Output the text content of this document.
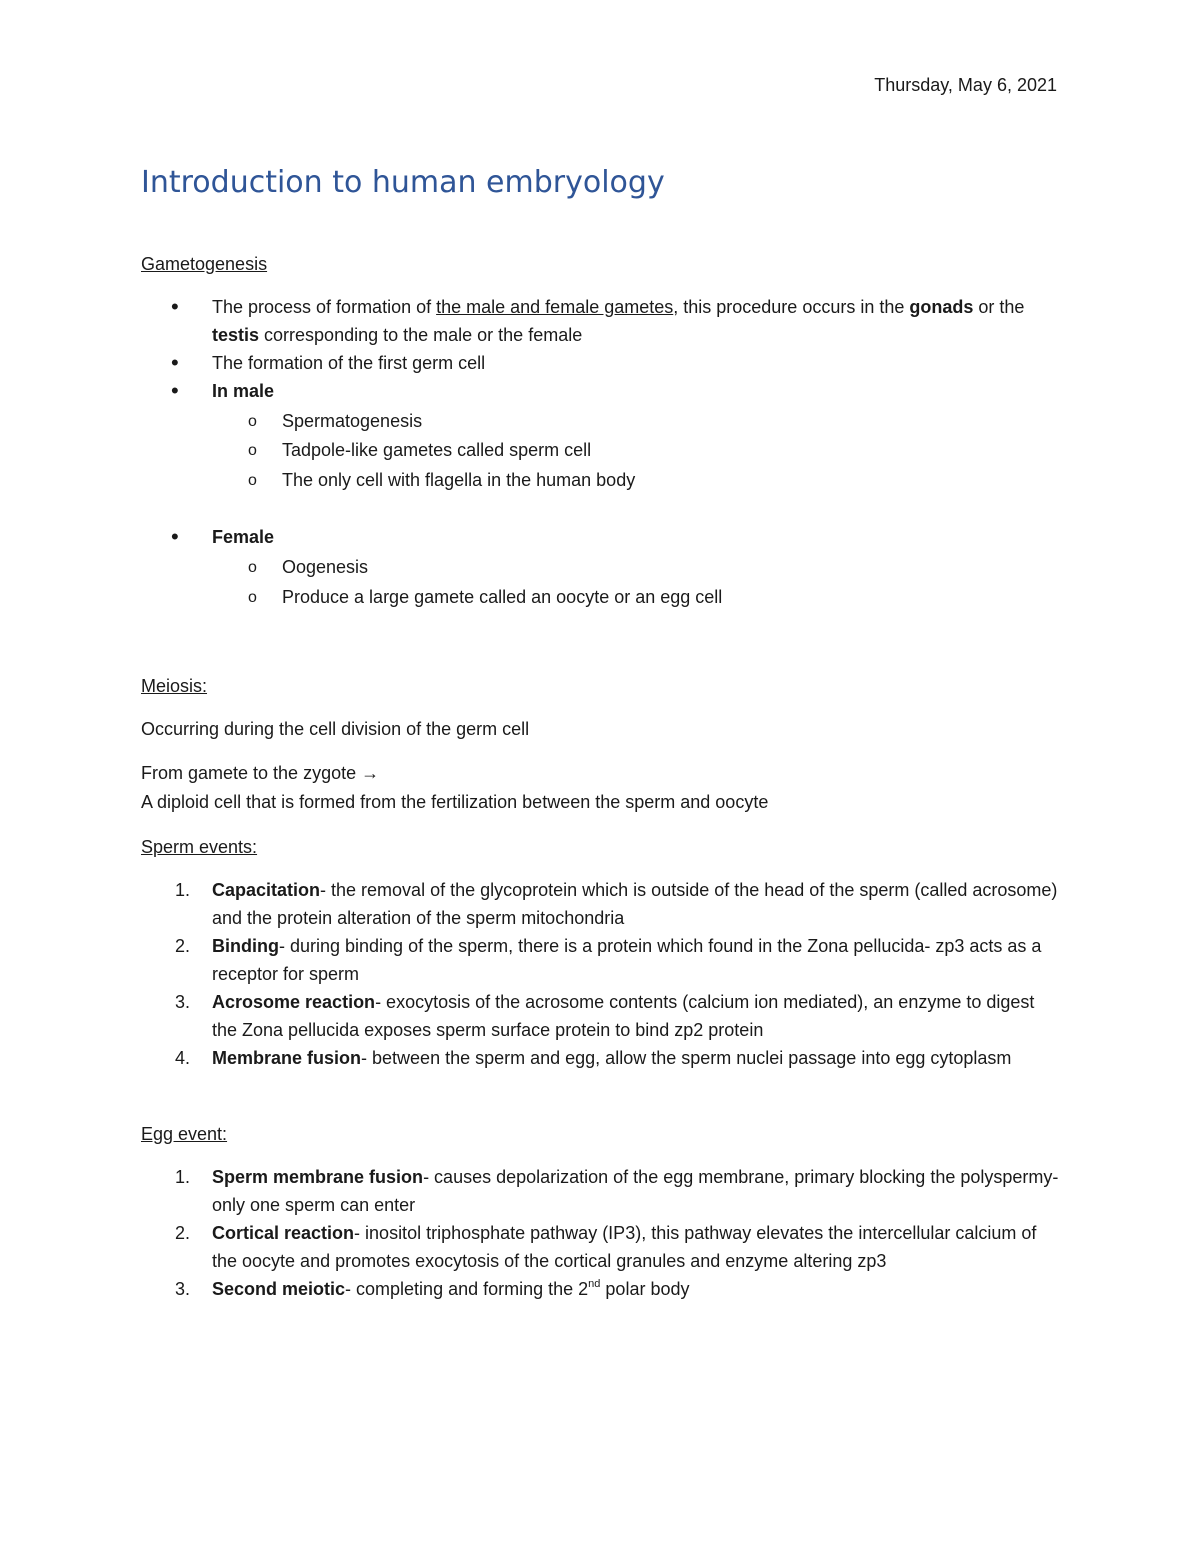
Thursday, May 6, 2021
Introduction to human embryology
Gametogenesis
• The process of formation of the male and female gametes, this procedure occurs in the gonads or the testis corresponding to the male or the female
• The formation of the first germ cell
• In male
o Spermatogenesis
o Tadpole-like gametes called sperm cell
o The only cell with flagella in the human body
• Female
o Oogenesis
o Produce a large gamete called an oocyte or an egg cell
Meiosis:

Occurring during the cell division of the germ cell

From gamete to the zygote →

A diploid cell that is formed from the fertilization between the sperm and oocyte

Sperm events:
1. Capacitation- the removal of the glycoprotein which is outside of the head of the sperm (called acrosome) and the protein alteration of the sperm mitochondria
2. Binding- during binding of the sperm, there is a protein which found in the Zona pellucida- zp3 acts as a receptor for sperm
3. Acrosome reaction- exocytosis of the acrosome contents (calcium ion mediated), an enzyme to digest the Zona pellucida exposes sperm surface protein to bind zp2 protein
4. Membrane fusion- between the sperm and egg, allow the sperm nuclei passage into egg cytoplasm
Egg event:
1. Sperm membrane fusion- causes depolarization of the egg membrane, primary blocking the polyspermy- only one sperm can enter
2. Cortical reaction- inositol triphosphate pathway (IP3), this pathway elevates the intercellular calcium of the oocyte and promotes exocytosis of the cortical granules and enzyme altering zp3
3. Second meiotic- completing and forming the 2nd polar body
